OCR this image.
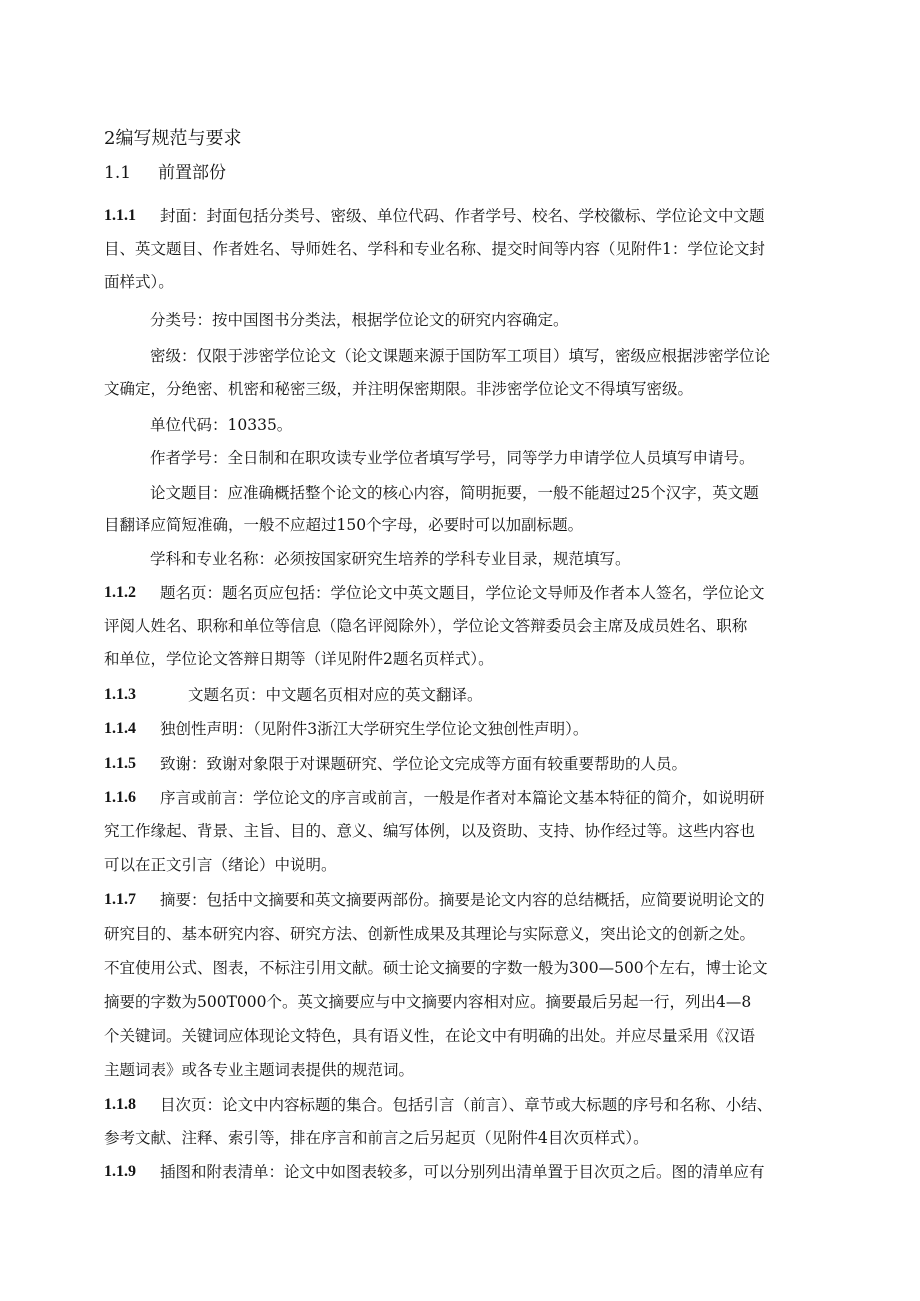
2编写规范与要求
1.1	前置部份
1.1.1 封面：封面包括分类号、密级、单位代码、作者学号、校名、学校徽标、学位论文中文题
目、英文题目、作者姓名、导师姓名、学科和专业名称、提交时间等内容（见附件1：学位论文封
面样式）。
分类号：按中国图书分类法，根据学位论文的研究内容确定。
密级：仅限于涉密学位论文（论文课题来源于国防军工项目）填写，密级应根据涉密学位论
文确定，分绝密、机密和秘密三级，并注明保密期限。非涉密学位论文不得填写密级。
单位代码：10335。
作者学号：全日制和在职攻读专业学位者填写学号，同等学力申请学位人员填写申请号。
论文题目：应准确概括整个论文的核心内容，简明扼要，一般不能超过25个汉字，英文题
目翻译应简短准确，一般不应超过150个字母，必要时可以加副标题。
学科和专业名称：必须按国家研究生培养的学科专业目录，规范填写。
1.1.2 题名页：题名页应包括：学位论文中英文题目，学位论文导师及作者本人签名，学位论文
评阅人姓名、职称和单位等信息（隐名评阅除外），学位论文答辩委员会主席及成员姓名、职称
和单位，学位论文答辩日期等（详见附件2题名页样式）。
1.1.3	文题名页：中文题名页相对应的英文翻译。
1.1.4 独创性声明：（见附件3浙江大学研究生学位论文独创性声明）。
1.1.5 致谢：致谢对象限于对课题研究、学位论文完成等方面有较重要帮助的人员。
1.1.6 序言或前言：学位论文的序言或前言，一般是作者对本篇论文基本特征的简介，如说明研
究工作缘起、背景、主旨、目的、意义、编写体例，以及资助、支持、协作经过等。这些内容也
可以在正文引言（绪论）中说明。
1.1.7 摘要：包括中文摘要和英文摘要两部份。摘要是论文内容的总结概括，应简要说明论文的
研究目的、基本研究内容、研究方法、创新性成果及其理论与实际意义，突出论文的创新之处。
不宜使用公式、图表，不标注引用文献。硕士论文摘要的字数一般为300—500个左右，博士论文
摘要的字数为500T000个。英文摘要应与中文摘要内容相对应。摘要最后另起一行，列出4—8
个关键词。关键词应体现论文特色，具有语义性，在论文中有明确的出处。并应尽量采用《汉语
主题词表》或各专业主题词表提供的规范词。
1.1.8 目次页：论文中内容标题的集合。包括引言（前言）、章节或大标题的序号和名称、小结、
参考文献、注释、索引等，排在序言和前言之后另起页（见附件4目次页样式）。
1.1.9 插图和附表清单：论文中如图表较多，可以分别列出清单置于目次页之后。图的清单应有
